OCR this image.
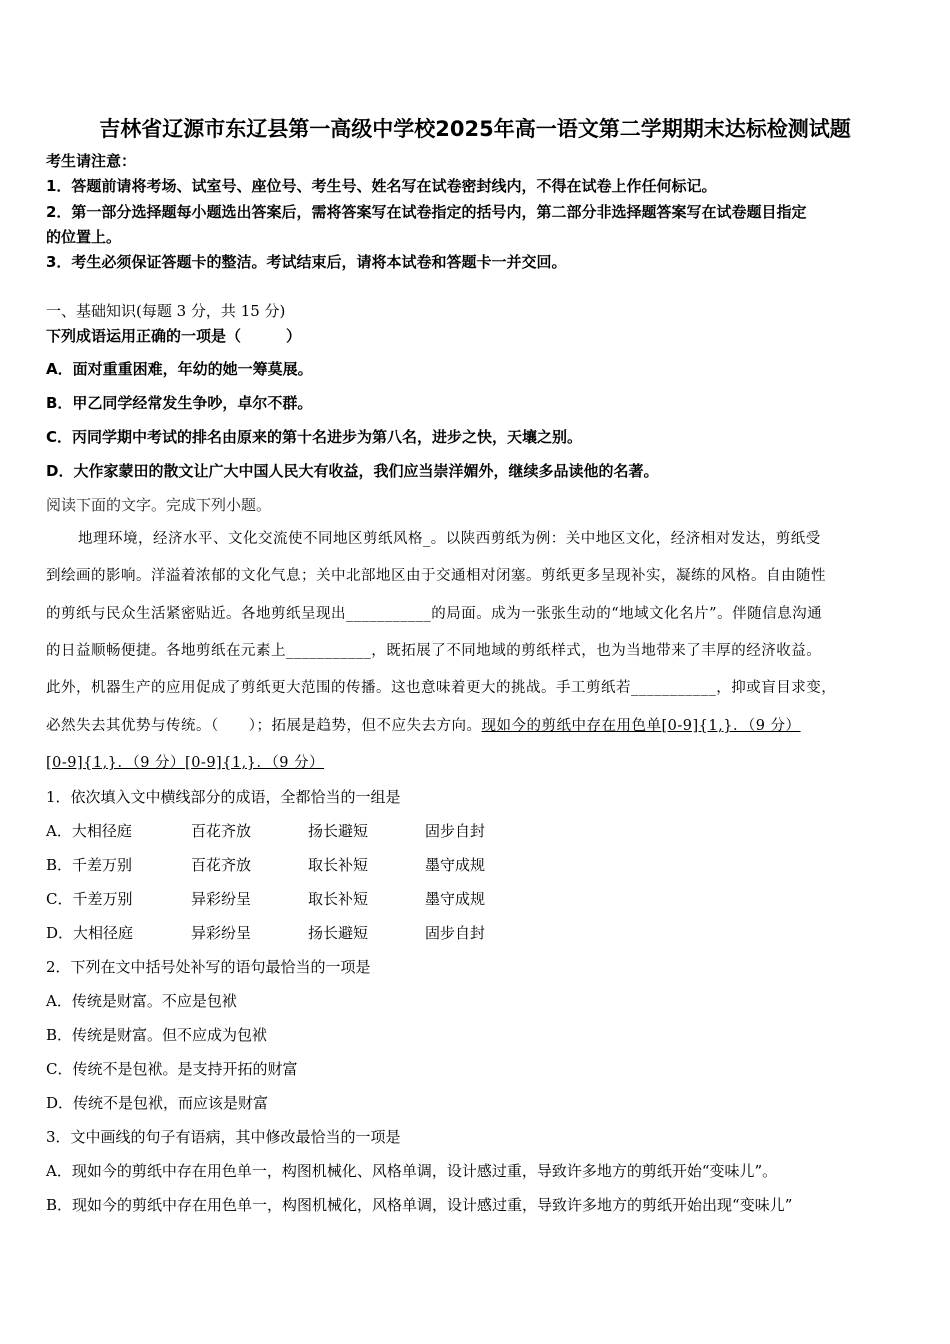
吉林省辽源市东辽县第一高级中学校2025年高一语文第二学期期末达标检测试题
考生请注意：
1．答题前请将考场、试室号、座位号、考生号、姓名写在试卷密封线内，不得在试卷上作任何标记。
2．第一部分选择题每小题选出答案后，需将答案写在试卷指定的括号内，第二部分非选择题答案写在试卷题目指定
的位置上。
3．考生必须保证答题卡的整洁。考试结束后，请将本试卷和答题卡一并交回。
一、基础知识(每题 3 分，共 15 分)
下列成语运用正确的一项是（　　　）
A．面对重重困难，年幼的她一筹莫展。
B．甲乙同学经常发生争吵，卓尔不群。
C．丙同学期中考试的排名由原来的第十名进步为第八名，进步之快，天壤之别。
D．大作家蒙田的散文让广大中国人民大有收益，我们应当崇洋媚外，继续多品读他的名著。
阅读下面的文字。完成下列小题。
地理环境，经济水平、文化交流使不同地区剪纸风格_。以陕西剪纸为例：关中地区文化，经济相对发达，剪纸受
到绘画的影响。洋溢着浓郁的文化气息；关中北部地区由于交通相对闭塞。剪纸更多呈现补实，凝练的风格。自由随性
的剪纸与民众生活紧密贴近。各地剪纸呈现出___________的局面。成为一张张生动的“地域文化名片”。伴随信息沟通
的日益顺畅便捷。各地剪纸在元素上___________，既拓展了不同地域的剪纸样式，也为当地带来了丰厚的经济收益。
此外，机器生产的应用促成了剪纸更大范围的传播。这也意味着更大的挑战。手工剪纸若___________，抑或盲目求变，
必然失去其优势与传统。（　　）；拓展是趋势，但不应失去方向。现如今的剪纸中存在用色单[0-9]{1,}．（9 分）
[0-9]{1,}．（9 分）[0-9]{1,}．（9 分）
1．依次填入文中横线部分的成语，全都恰当的一组是
A．大相径庭	百花齐放	扬长避短	固步自封
B．千差万别	百花齐放	取长补短	墨守成规
C．千差万别	异彩纷呈	取长补短	墨守成规
D．大相径庭	异彩纷呈	扬长避短	固步自封
2．下列在文中括号处补写的语句最恰当的一项是
A．传统是财富。不应是包袱
B．传统是财富。但不应成为包袱
C．传统不是包袱。是支持开拓的财富
D．传统不是包袱，而应该是财富
3．文中画线的句子有语病，其中修改最恰当的一项是
A．现如今的剪纸中存在用色单一，构图机械化、风格单调，设计感过重，导致许多地方的剪纸开始“变味儿”。
B．现如今的剪纸中存在用色单一，构图机械化，风格单调，设计感过重，导致许多地方的剪纸开始出现“变味儿”
